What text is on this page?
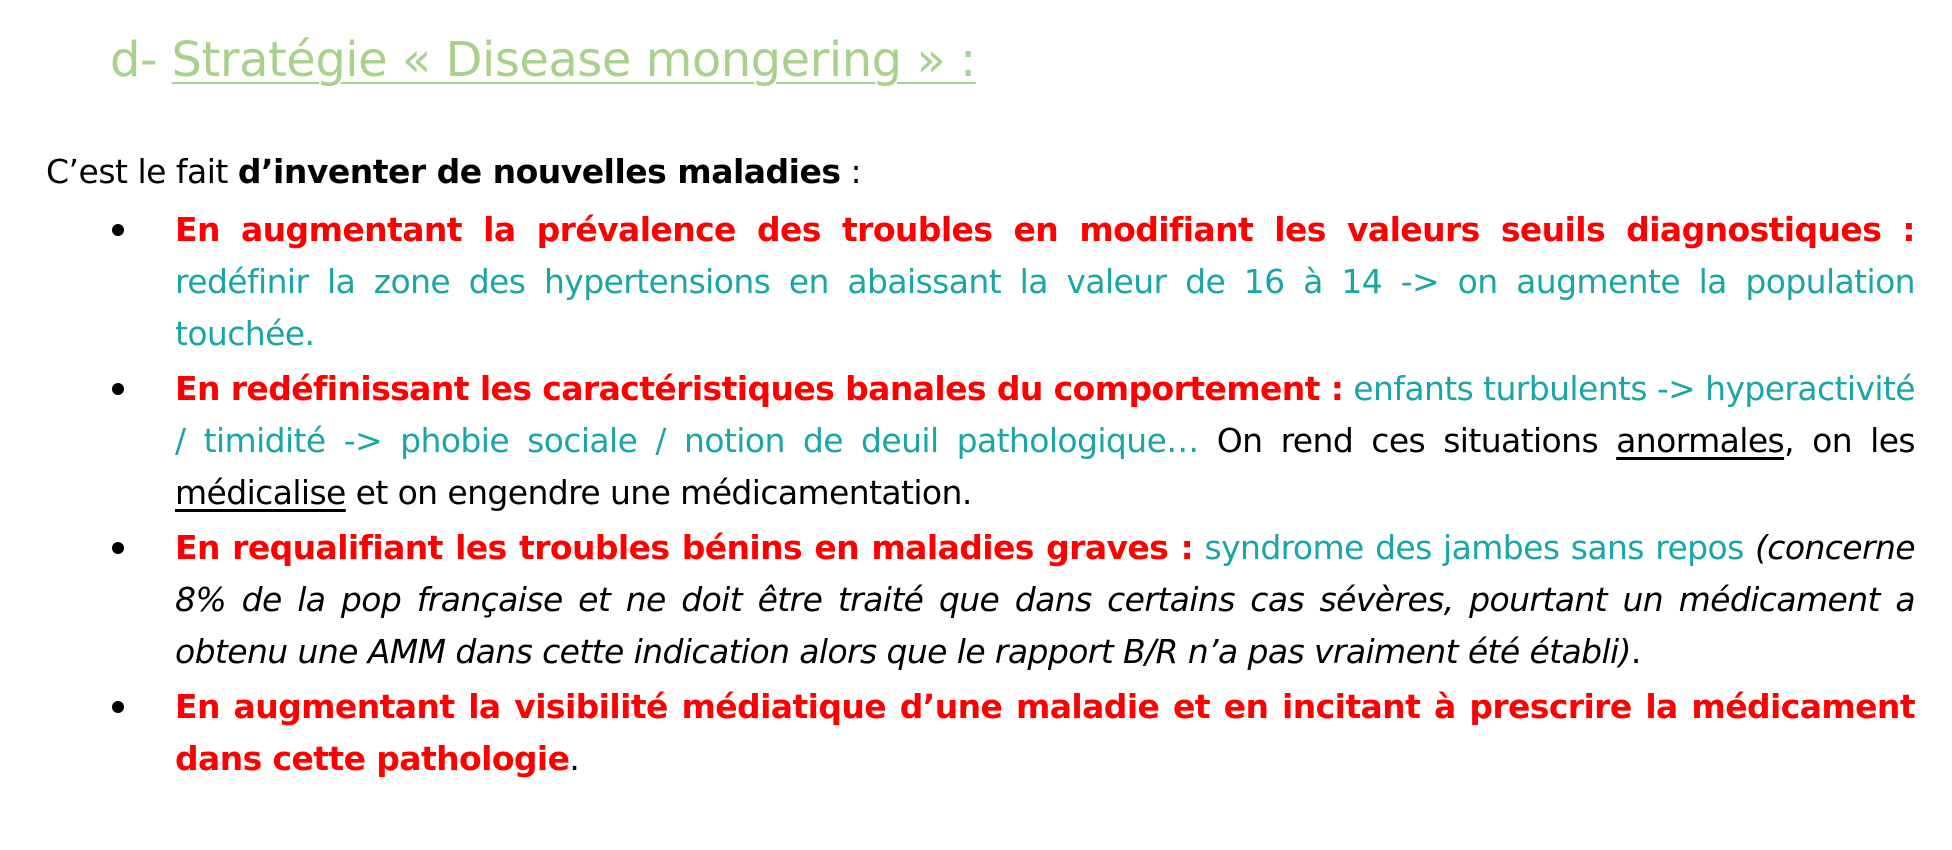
d- Stratégie « Disease mongering » :
C’est le fait d’inventer de nouvelles maladies :
En augmentant la prévalence des troubles en modifiant les valeurs seuils diagnostiques : redéfinir la zone des hypertensions en abaissant la valeur de 16 à 14 -> on augmente la population touchée.
En redéfinissant les caractéristiques banales du comportement : enfants turbulents -> hyperactivité / timidité -> phobie sociale / notion de deuil pathologique… On rend ces situations anormales, on les médicalise et on engendre une médicamentation.
En requalifiant les troubles bénins en maladies graves : syndrome des jambes sans repos (concerne 8% de la pop française et ne doit être traité que dans certains cas sévères, pourtant un médicament a obtenu une AMM dans cette indication alors que le rapport B/R n’a pas vraiment été établi).
En augmentant la visibilité médiatique d’une maladie et en incitant à prescrire la médicament dans cette pathologie.
